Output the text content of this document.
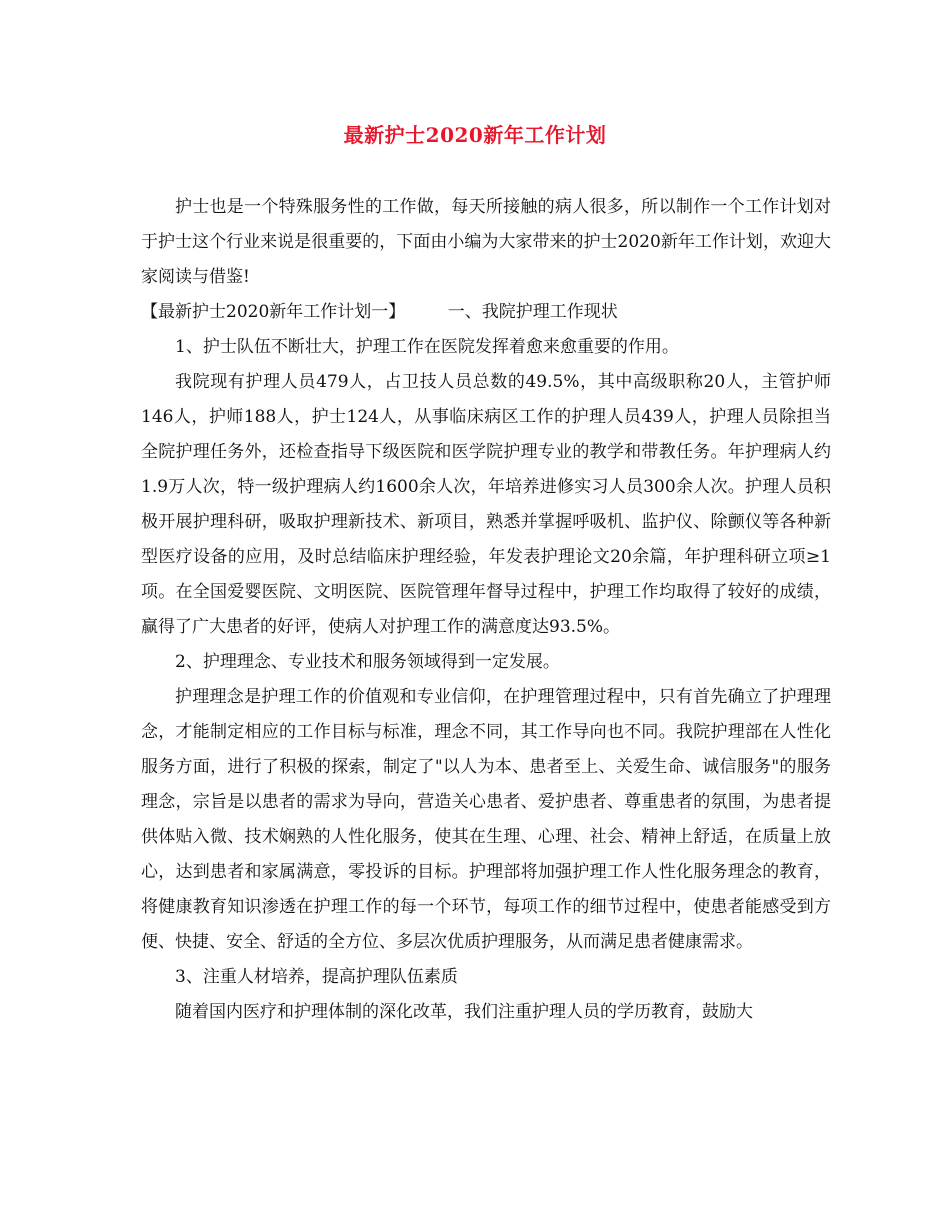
最新护士2020新年工作计划

护士也是一个特殊服务性的工作做，每天所接触的病人很多，所以制作一个工作计划对于护士这个行业来说是很重要的，下面由小编为大家带来的护士2020新年工作计划，欢迎大家阅读与借鉴!

【最新护士2020新年工作计划一】　　　一、我院护理工作现状

1、护士队伍不断壮大，护理工作在医院发挥着愈来愈重要的作用。

我院现有护理人员479人，占卫技人员总数的49.5%，其中高级职称20人，主管护师146人，护师188人，护士124人，从事临床病区工作的护理人员439人，护理人员除担当全院护理任务外，还检查指导下级医院和医学院护理专业的教学和带教任务。年护理病人约1.9万人次，特一级护理病人约1600余人次，年培养进修实习人员300余人次。护理人员积极开展护理科研，吸取护理新技术、新项目，熟悉并掌握呼吸机、监护仪、除颤仪等各种新型医疗设备的应用，及时总结临床护理经验，年发表护理论文20余篇，年护理科研立项≥1项。在全国爱婴医院、文明医院、医院管理年督导过程中，护理工作均取得了较好的成绩，赢得了广大患者的好评，使病人对护理工作的满意度达93.5%。

2、护理理念、专业技术和服务领域得到一定发展。

护理理念是护理工作的价值观和专业信仰，在护理管理过程中，只有首先确立了护理理念，才能制定相应的工作目标与标准，理念不同，其工作导向也不同。我院护理部在人性化服务方面，进行了积极的探索，制定了"以人为本、患者至上、关爱生命、诚信服务"的服务理念，宗旨是以患者的需求为导向，营造关心患者、爱护患者、尊重患者的氛围，为患者提供体贴入微、技术娴熟的人性化服务，使其在生理、心理、社会、精神上舒适，在质量上放心，达到患者和家属满意，零投诉的目标。护理部将加强护理工作人性化服务理念的教育，将健康教育知识渗透在护理工作的每一个环节，每项工作的细节过程中，使患者能感受到方便、快捷、安全、舒适的全方位、多层次优质护理服务，从而满足患者健康需求。

3、注重人材培养，提高护理队伍素质

随着国内医疗和护理体制的深化改革，我们注重护理人员的学历教育，鼓励大
